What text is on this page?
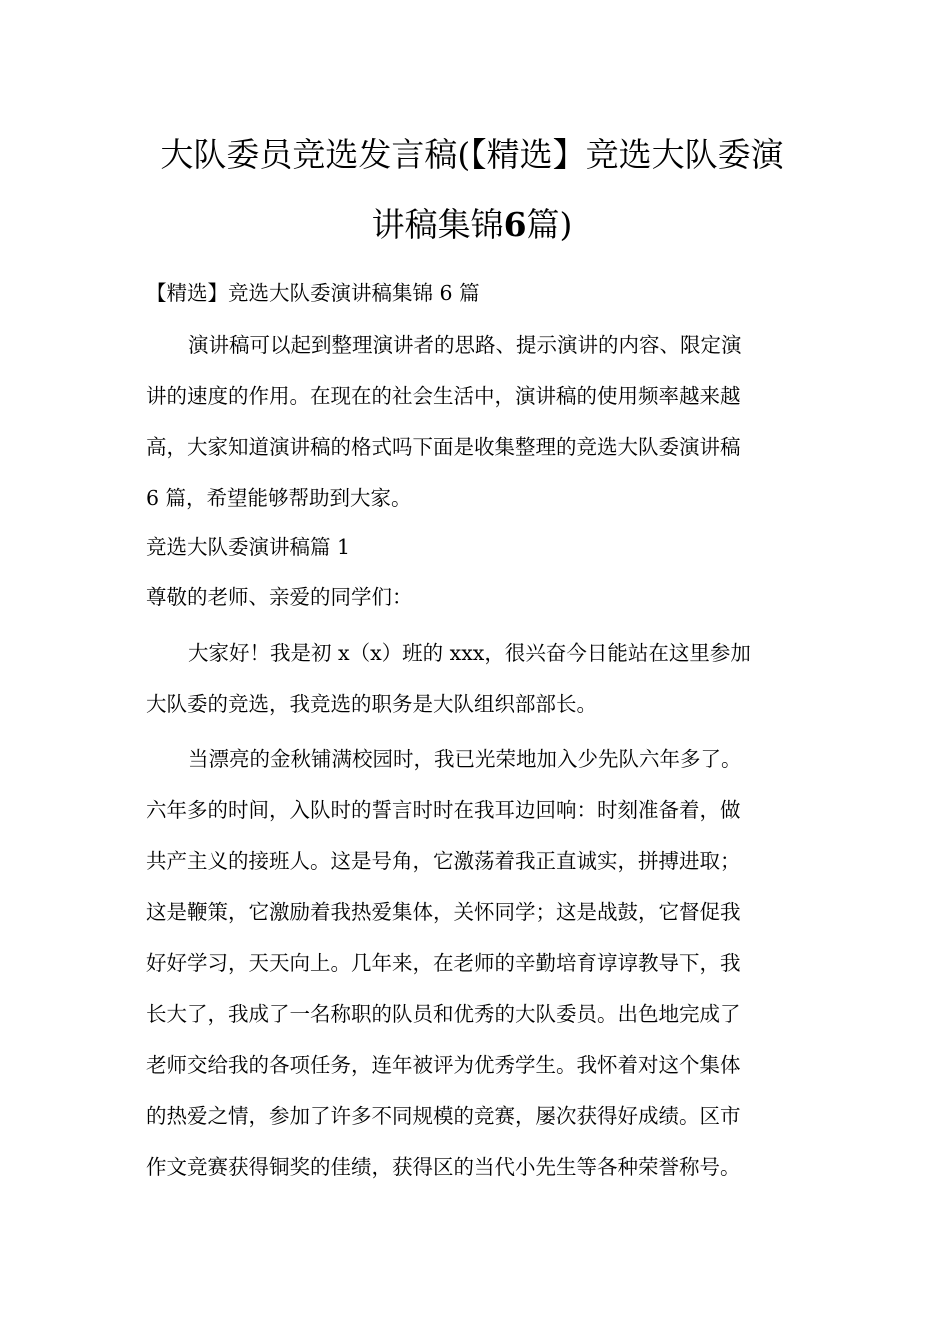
大队委员竞选发言稿(【精选】竞选大队委演
讲稿集锦6篇)

【精选】竞选大队委演讲稿集锦 6 篇

演讲稿可以起到整理演讲者的思路、提示演讲的内容、限定演
讲的速度的作用。在现在的社会生活中，演讲稿的使用频率越来越
高，大家知道演讲稿的格式吗下面是收集整理的竞选大队委演讲稿
6 篇，希望能够帮助到大家。

竞选大队委演讲稿篇 1

尊敬的老师、亲爱的同学们：

大家好！我是初 x（x）班的 xxx，很兴奋今日能站在这里参加
大队委的竞选，我竞选的职务是大队组织部部长。
当漂亮的金秋铺满校园时，我已光荣地加入少先队六年多了。
六年多的时间，入队时的誓言时时在我耳边回响：时刻准备着，做
共产主义的接班人。这是号角，它激荡着我正直诚实，拼搏进取；
这是鞭策，它激励着我热爱集体，关怀同学；这是战鼓，它督促我
好好学习，天天向上。几年来，在老师的辛勤培育谆谆教导下，我
长大了，我成了一名称职的队员和优秀的大队委员。出色地完成了
老师交给我的各项任务，连年被评为优秀学生。我怀着对这个集体
的热爱之情，参加了许多不同规模的竞赛，屡次获得好成绩。区市
作文竞赛获得铜奖的佳绩，获得区的当代小先生等各种荣誉称号。
